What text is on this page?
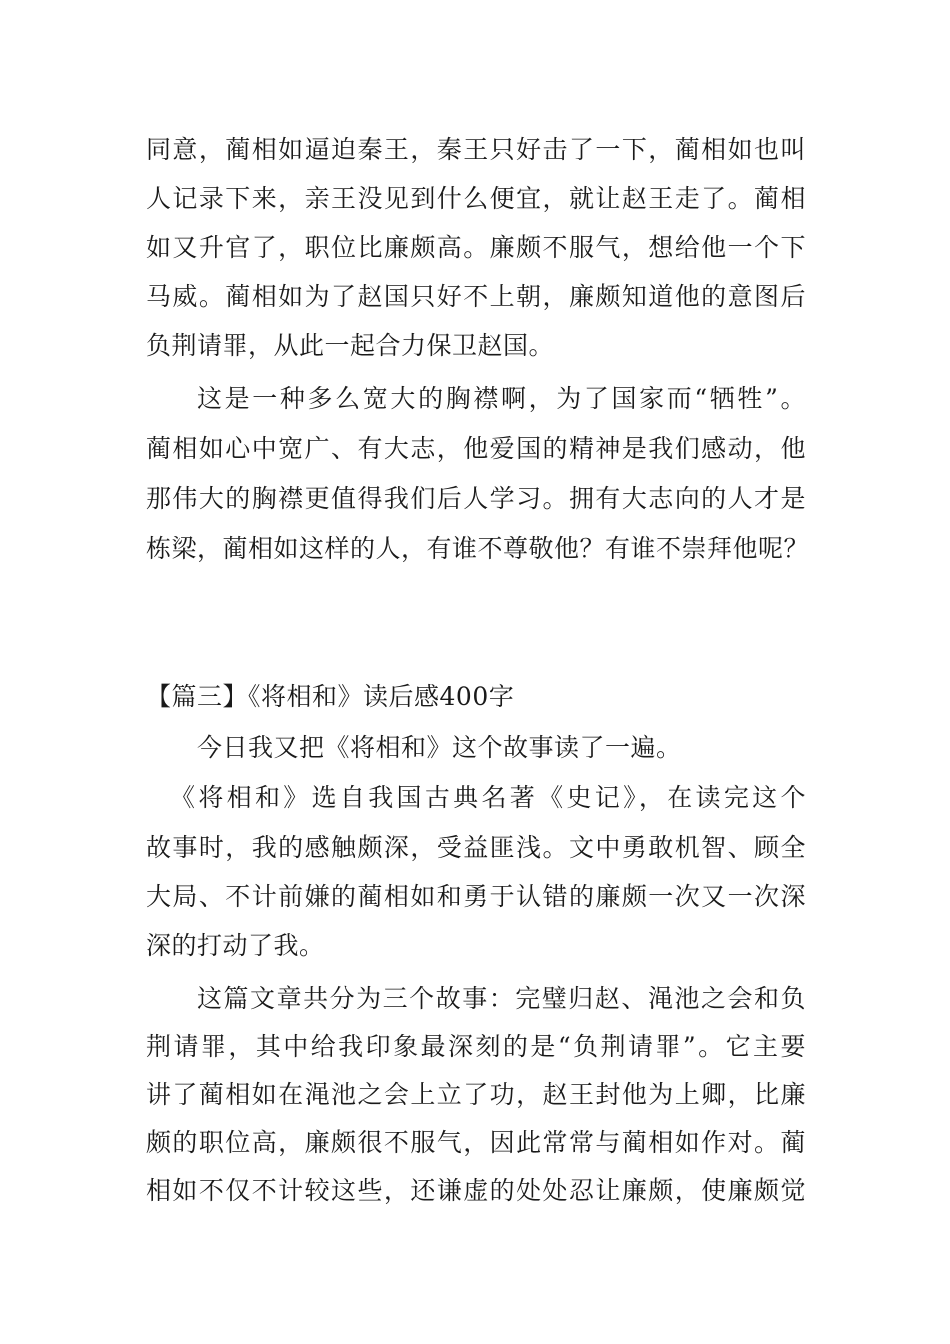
同意，蔺相如逼迫秦王，秦王只好击了一下，蔺相如也叫
人记录下来，亲王没见到什么便宜，就让赵王走了。蔺相
如又升官了，职位比廉颇高。廉颇不服气，想给他一个下
马威。蔺相如为了赵国只好不上朝，廉颇知道他的意图后
负荆请罪，从此一起合力保卫赵国。
这是一种多么宽大的胸襟啊，为了国家而“牺牲”。
蔺相如心中宽广、有大志，他爱国的精神是我们感动，他
那伟大的胸襟更值得我们后人学习。拥有大志向的人才是
栋梁，蔺相如这样的人，有谁不尊敬他？有谁不崇拜他呢？
【篇三】《将相和》读后感400字
今日我又把《将相和》这个故事读了一遍。
《将相和》选自我国古典名著《史记》，在读完这个
故事时，我的感触颇深，受益匪浅。文中勇敢机智、顾全
大局、不计前嫌的蔺相如和勇于认错的廉颇一次又一次深
深的打动了我。
这篇文章共分为三个故事：完璧归赵、渑池之会和负
荆请罪，其中给我印象最深刻的是“负荆请罪”。它主要
讲了蔺相如在渑池之会上立了功，赵王封他为上卿，比廉
颇的职位高，廉颇很不服气，因此常常与蔺相如作对。蔺
相如不仅不计较这些，还谦虚的处处忍让廉颇，使廉颇觉
